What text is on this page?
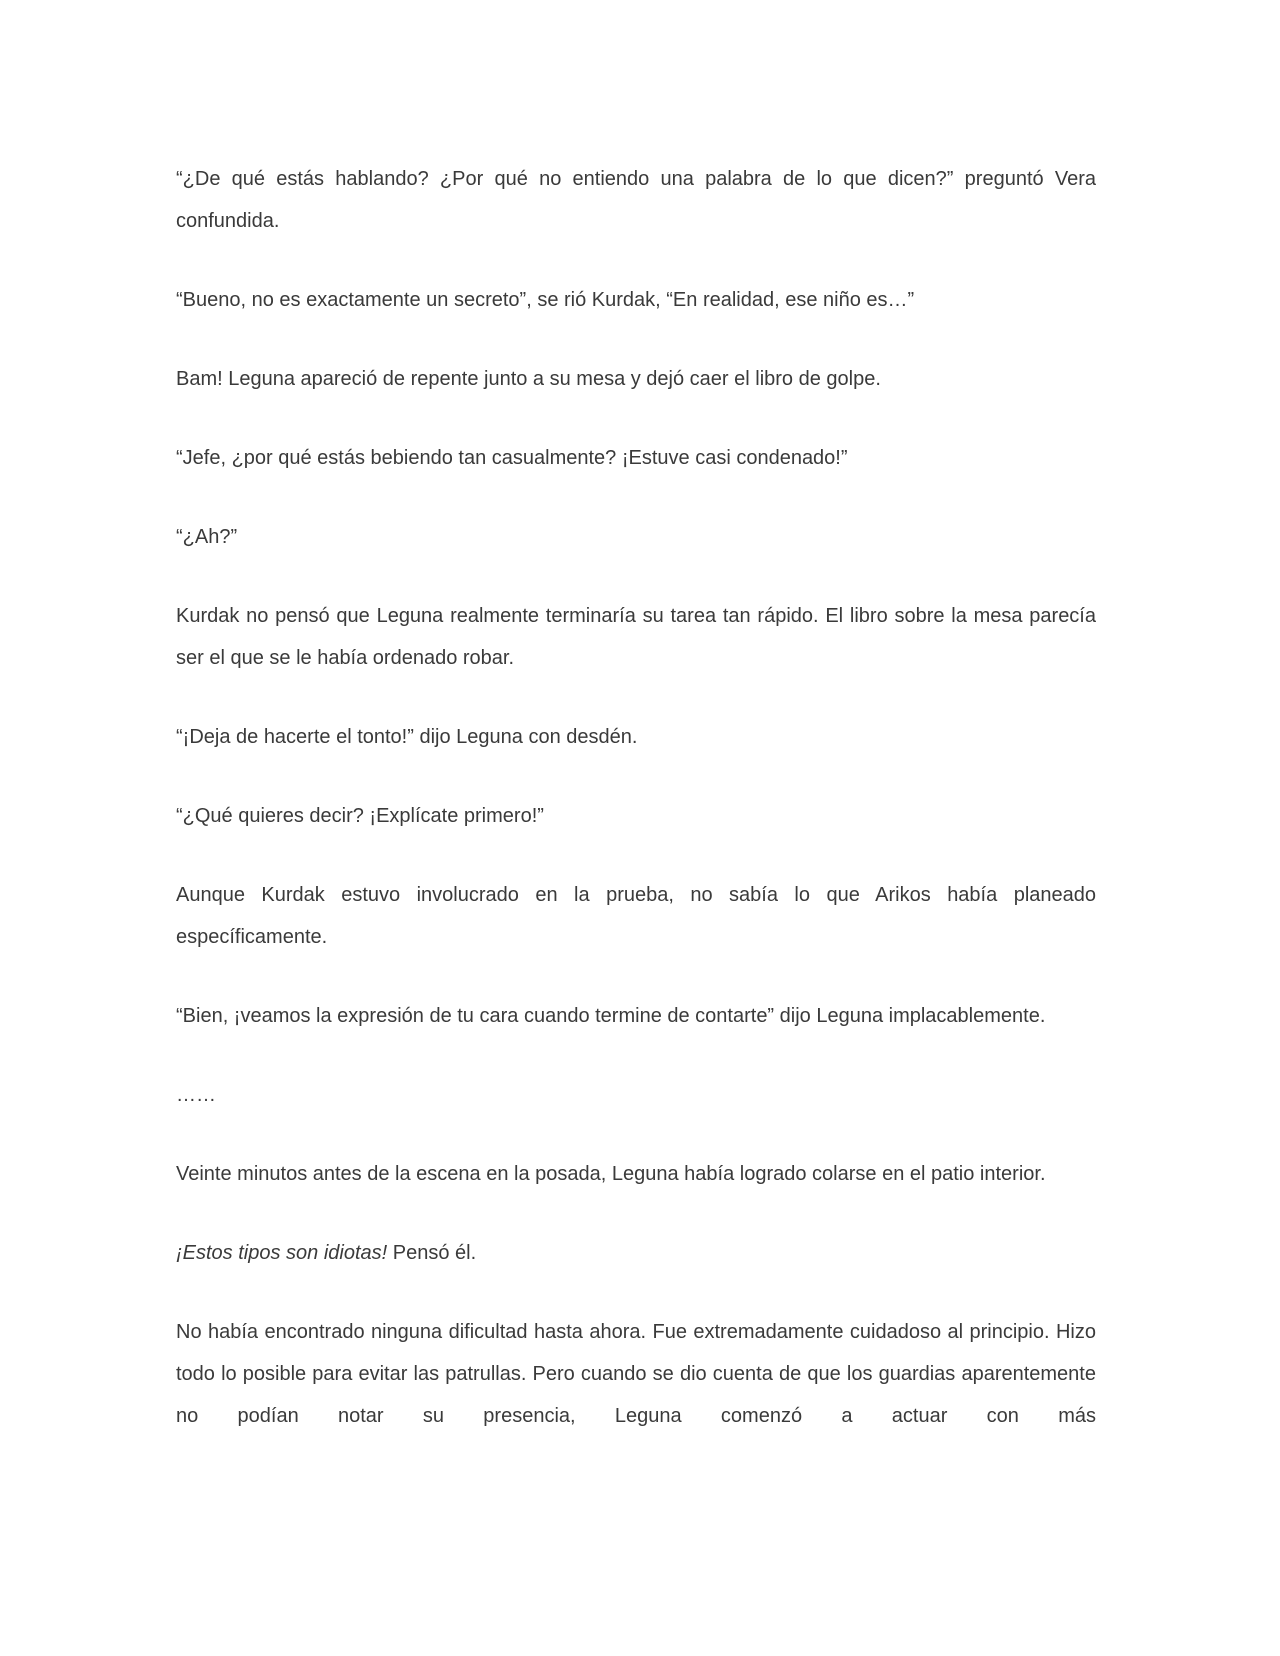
“¿De qué estás hablando? ¿Por qué no entiendo una palabra de lo que dicen?” preguntó Vera confundida.

“Bueno, no es exactamente un secreto”, se rió Kurdak, “En realidad, ese niño es…”

Bam! Leguna apareció de repente junto a su mesa y dejó caer el libro de golpe.

“Jefe, ¿por qué estás bebiendo tan casualmente? ¡Estuve casi condenado!”

“¿Ah?”

Kurdak no pensó que Leguna realmente terminaría su tarea tan rápido. El libro sobre la mesa parecía ser el que se le había ordenado robar.

“¡Deja de hacerte el tonto!” dijo Leguna con desdén.

“¿Qué quieres decir? ¡Explícate primero!”

Aunque Kurdak estuvo involucrado en la prueba, no sabía lo que Arikos había planeado específicamente.

“Bien, ¡veamos la expresión de tu cara cuando termine de contarte” dijo Leguna implacablemente.

……

Veinte minutos antes de la escena en la posada, Leguna había logrado colarse en el patio interior.

¡Estos tipos son idiotas! Pensó él.

No había encontrado ninguna dificultad hasta ahora. Fue extremadamente cuidadoso al principio. Hizo todo lo posible para evitar las patrullas. Pero cuando se dio cuenta de que los guardias aparentemente no podían notar su presencia, Leguna comenzó a actuar con más
